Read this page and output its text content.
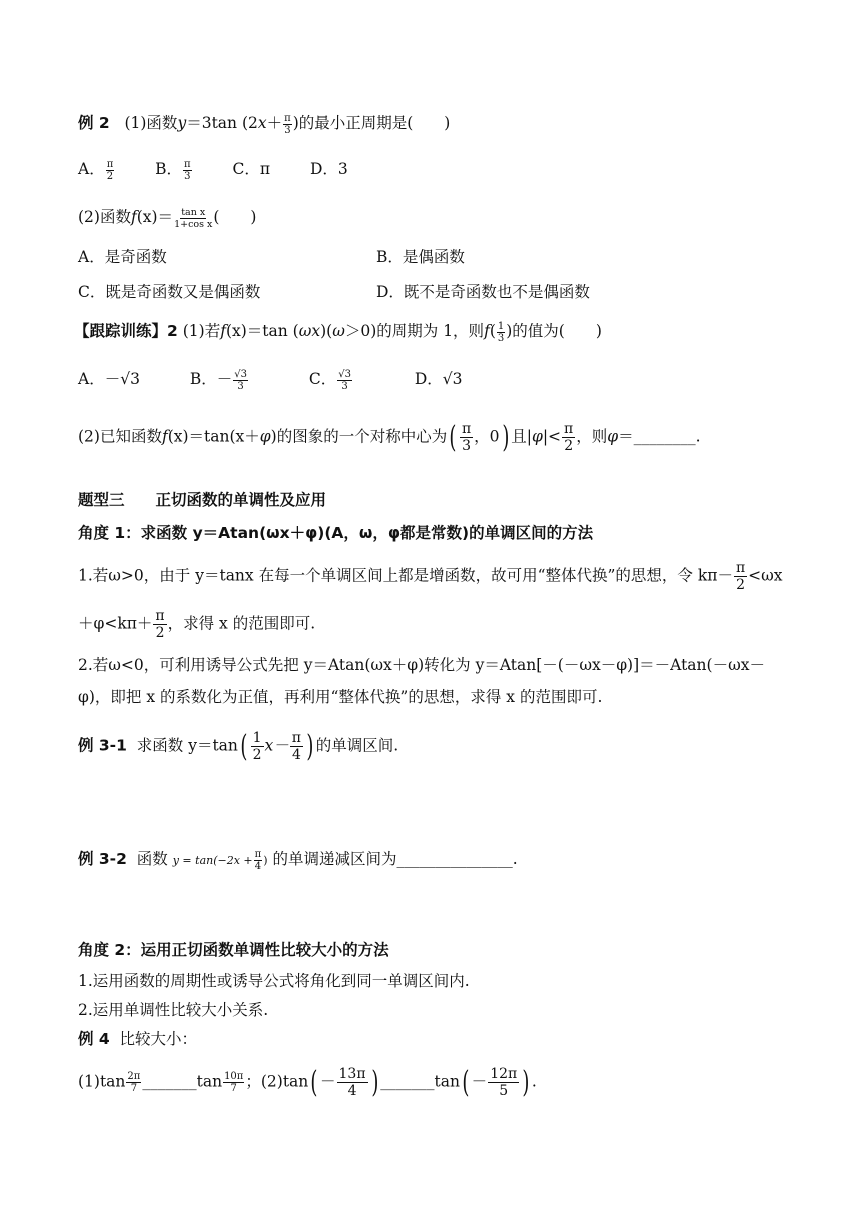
例 2 (1)函数y＝3tan ($2x+ \frac{\pi}{3}$ )的最小正周期是(　　)
A． $\frac{\pi}{2}$	B． $\frac{\pi}{3}$	C．π	D．3
(2)函数$f(x)= \frac{\text{tan x}}{\text{1+cos x}}$ (　　)
A．是奇函数	B．是偶函数
C．既是奇函数又是偶函数	D．既不是奇函数也不是偶函数
【跟踪训练】2 (1)若f(x)＝tan (ωx)(ω＞0)的周期为 1，则$f( \frac{1}{3}$ )的值为(　　)
A．－√3	B．－ $\frac{√3}{3}$	C． $\frac{√3}{3}$	D．√3
(2)已知函数f(x)＝tan(x＋φ)的图象的一个对称中心为( $\frac{\pi}{3}$ ，0) 且$|\varphi|< \frac{\pi}{2}$ ，则φ＝________.
题型三　　正切函数的单调性及应用
角度 1：求函数 y＝Atan(ωx＋φ)(A，ω，φ都是常数)的单调区间的方法
1.若ω>0，由于 y＝tanx 在每一个单调区间上都是增函数，故可用“整体代换”的思想，令 $k\pi- \frac{\pi}{2} <\omega x$
$+\varphi<k\pi+ \frac{\pi}{2}$ ，求得 x 的范围即可.
2.若ω<0，可利用诱导公式先把 y＝Atan(ωx＋φ)转化为 y＝Atan[－(－ωx－φ)]＝－Atan(－ωx－
φ)，即把 x 的系数化为正值，再利用“整体代换”的思想，求得 x 的范围即可.
例 3-1 求函数 $y=\tan( \frac{1}{2} x- \frac{\pi}{4}$ ) 的单调区间.
例 3-2 函数 $y = \tan(-2x + \frac{\pi}{4}$ ) 的单调递减区间为_______________.
角度 2：运用正切函数单调性比较大小的方法
1.运用函数的周期性或诱导公式将角化到同一单调区间内.
2.运用单调性比较大小关系.
例 4 比较大小：
$(1)\tan \frac{2\pi}{7}$ _______tan $\frac{10\pi}{7}$ ；$(2)\tan( - \frac{13\pi}{4}$ ) _______tan( － $\frac{12\pi}{5}$ ) .
